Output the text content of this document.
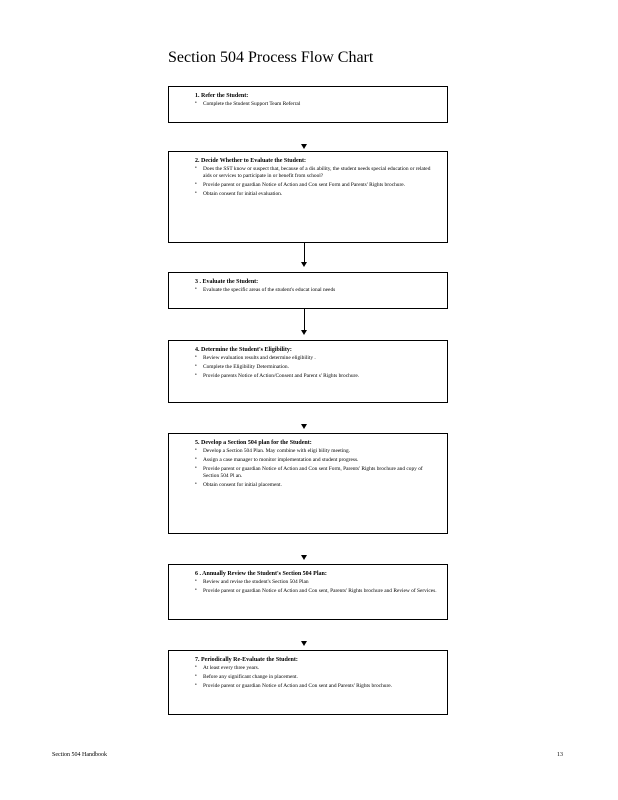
Section 504 Process Flow Chart
1. Refer the Student:
• Complete the Student Support Team Referral
2. Decide Whether to Evaluate the Student:
• Does the SST know or suspect that, because of a dis ability, the student needs special education or related aids or services to participate in or benefit from school?
• Provide parent or guardian Notice of Action and Con sent Form and Parents' Rights brochure.
• Obtain consent for initial evaluation.
3 . Evaluate the Student:
• Evaluate the specific areas of the student's educat ional needs
4. Determine the Student's Eligibility:
• Review evaluation results and determine eligibility .
• Complete the Eligibility Determination.
• Provide parents Notice of Action/Consent and Parent s' Rights brochure.
5. Develop a Section 504 plan for the Student:
• Develop a Section 504 Plan. May combine with eligi bility meeting.
• Assign a case manager to monitor implementation and student progress.
• Provide parent or guardian Notice of Action and Con sent Form, Parents' Rights brochure and copy of Section 504 Pl an.
• Obtain consent for initial placement.
6 . Annually Review the Student's Section 504 Plan:
• Review and revise the student's Section 504 Plan
• Provide parent or guardian Notice of Action and Con sent, Parents' Rights brochure and Review of Services.
7. Periodically Re-Evaluate the Student:
• At least every three years.
• Before any significant change in placement.
• Provide parent or guardian Notice of Action and Con sent and Parents' Rights brochure.
Section 504 Handbook	13
